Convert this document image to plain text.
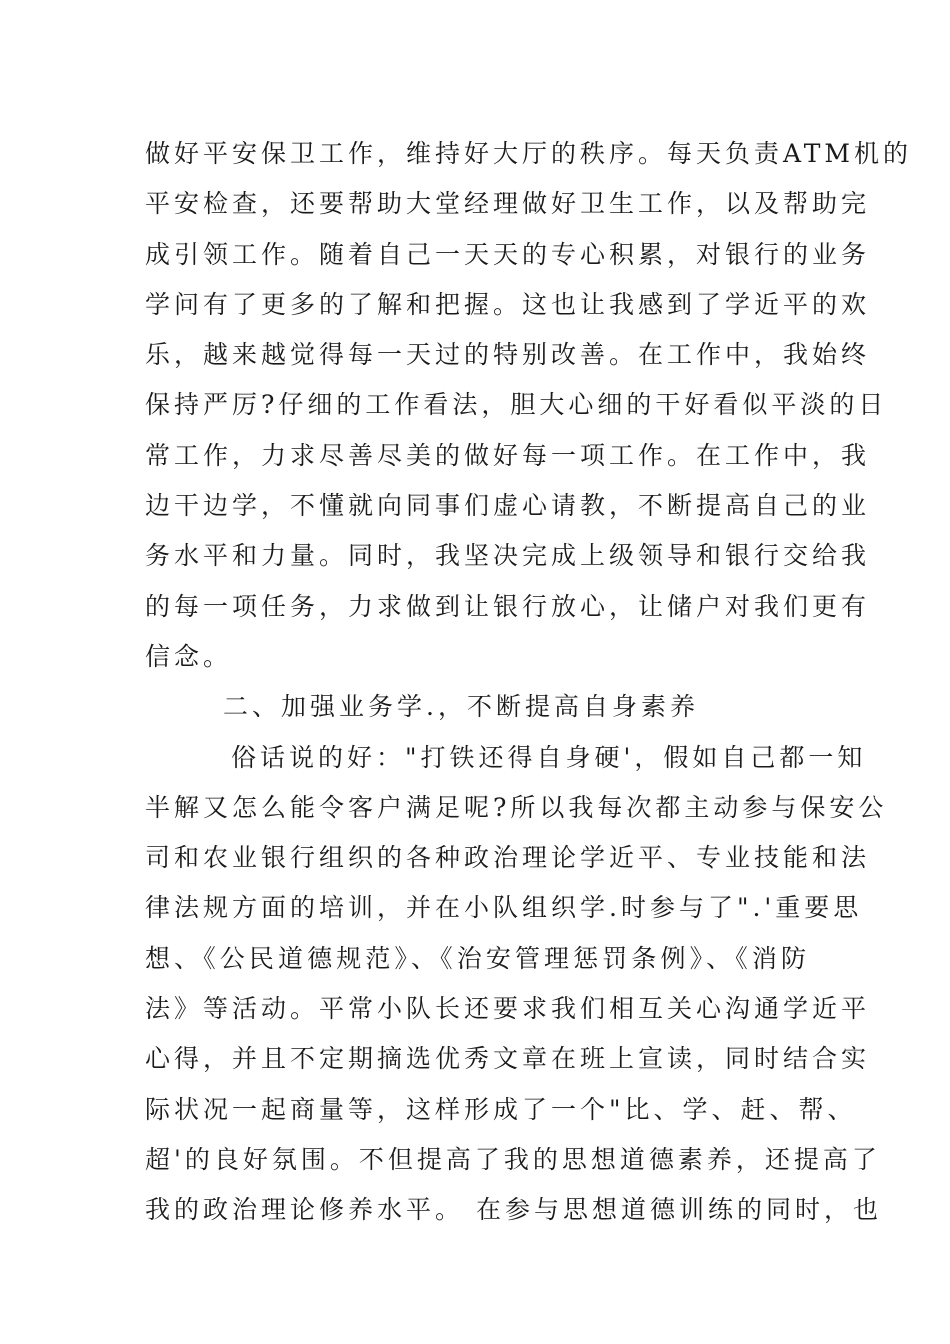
做好平安保卫工作，维持好大厅的秩序。每天负责ATM机的
平安检查，还要帮助大堂经理做好卫生工作，以及帮助完
成引领工作。随着自己一天天的专心积累，对银行的业务
学问有了更多的了解和把握。这也让我感到了学近平的欢
乐，越来越觉得每一天过的特别改善。在工作中，我始终
保持严厉?仔细的工作看法，胆大心细的干好看似平淡的日
常工作，力求尽善尽美的做好每一项工作。在工作中，我
边干边学，不懂就向同事们虚心请教，不断提高自己的业
务水平和力量。同时，我坚决完成上级领导和银行交给我
的每一项任务，力求做到让银行放心，让储户对我们更有
信念。
二、加强业务学.，不断提高自身素养
俗话说的好："打铁还得自身硬'，假如自己都一知
半解又怎么能令客户满足呢?所以我每次都主动参与保安公
司和农业银行组织的各种政治理论学近平、专业技能和法
律法规方面的培训，并在小队组织学.时参与了".'重要思
想、《公民道德规范》、《治安管理惩罚条例》、《消防
法》等活动。平常小队长还要求我们相互关心沟通学近平
心得，并且不定期摘选优秀文章在班上宣读，同时结合实
际状况一起商量等，这样形成了一个"比、学、赶、帮、
超'的良好氛围。不但提高了我的思想道德素养，还提高了
我的政治理论修养水平。 在参与思想道德训练的同时，也
